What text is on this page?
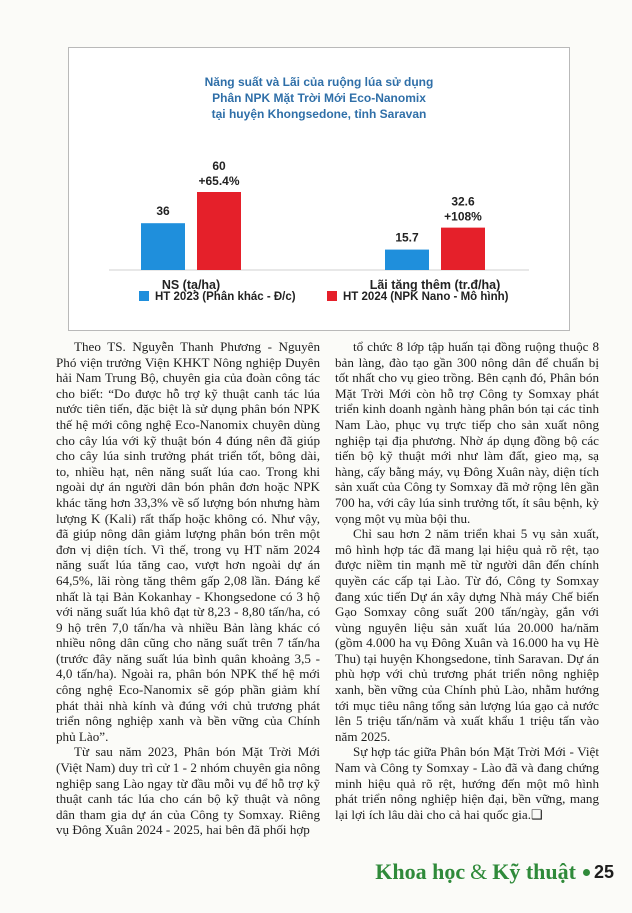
36
60
+65.4%
NS (tạ/ha)
15.7
32.6
+108%
Lãi tăng thêm (tr.đ/ha)
HT 2023 (Phân khác - Đ/c)	HT 2024 (NPK Nano - Mô hình)
Năng suất và Lãi của ruộng lúa sử dụng
Phân NPK Mặt Trời Mới Eco-Nanomix
tại huyện Khongsedone, tỉnh Saravan

Theo TS. Nguyễn Thanh Phương - Nguyên Phó viện trưởng Viện KHKT Nông nghiệp Duyên hải Nam Trung Bộ, chuyên gia của đoàn công tác cho biết: “Do được hỗ trợ kỹ thuật canh tác lúa nước tiên tiến, đặc biệt là sử dụng phân bón NPK thế hệ mới công nghệ Eco-Nanomix chuyên dùng cho cây lúa với kỹ thuật bón 4 đúng nên đã giúp cho cây lúa sinh trưởng phát triển tốt, bông dài, to, nhiều hạt, nên năng suất lúa cao. Trong khi ngoài dự án người dân bón phân đơn hoặc NPK khác tăng hơn 33,3% về số lượng bón nhưng hàm lượng K (Kali) rất thấp hoặc không có. Như vậy, đã giúp nông dân giảm lượng phân bón trên một đơn vị diện tích. Vì thế, trong vụ HT năm 2024 năng suất lúa tăng cao, vượt hơn ngoài dự án 64,5%, lãi ròng tăng thêm gấp 2,08 lần. Đáng kể nhất là tại Bản Kokanhay - Khongsedone có 3 hộ với năng suất lúa khô đạt từ 8,23 - 8,80 tấn/ha, có 9 hộ trên 7,0 tấn/ha và nhiều Bản làng khác có nhiều nông dân cũng cho năng suất trên 7 tấn/ha (trước đây năng suất lúa bình quân khoảng 3,5 - 4,0 tấn/ha). Ngoài ra, phân bón NPK thế hệ mới công nghệ Eco-Nanomix sẽ góp phần giảm khí phát thải nhà kính và đúng với chủ trương phát triển nông nghiệp xanh và bền vững của Chính phủ Lào”.

Từ sau năm 2023, Phân bón Mặt Trời Mới (Việt Nam) duy trì cử 1 - 2 nhóm chuyên gia nông nghiệp sang Lào ngay từ đầu mỗi vụ để hỗ trợ kỹ thuật canh tác lúa cho cán bộ kỹ thuật và nông dân tham gia dự án của Công ty Somxay. Riêng vụ Đông Xuân 2024 - 2025, hai bên đã phối hợp

tổ chức 8 lớp tập huấn tại đồng ruộng thuộc 8 bản làng, đào tạo gần 300 nông dân để chuẩn bị tốt nhất cho vụ gieo trồng. Bên cạnh đó, Phân bón Mặt Trời Mới còn hỗ trợ Công ty Somxay phát triển kinh doanh ngành hàng phân bón tại các tỉnh Nam Lào, phục vụ trực tiếp cho sản xuất nông nghiệp tại địa phương. Nhờ áp dụng đồng bộ các tiến bộ kỹ thuật mới như làm đất, gieo mạ, sạ hàng, cấy bằng máy, vụ Đông Xuân này, diện tích sản xuất của Công ty Somxay đã mở rộng lên gần 700 ha, với cây lúa sinh trưởng tốt, ít sâu bệnh, kỳ vọng một vụ mùa bội thu.

Chỉ sau hơn 2 năm triển khai 5 vụ sản xuất, mô hình hợp tác đã mang lại hiệu quả rõ rệt, tạo được niềm tin mạnh mẽ từ người dân đến chính quyền các cấp tại Lào. Từ đó, Công ty Somxay đang xúc tiến Dự án xây dựng Nhà máy Chế biến Gạo Somxay công suất 200 tấn/ngày, gắn với vùng nguyên liệu sản xuất lúa 20.000 ha/năm (gồm 4.000 ha vụ Đông Xuân và 16.000 ha vụ Hè Thu) tại huyện Khongsedone, tỉnh Saravan. Dự án phù hợp với chủ trương phát triển nông nghiệp xanh, bền vững của Chính phủ Lào, nhằm hướng tới mục tiêu nâng tổng sản lượng lúa gạo cả nước lên 5 triệu tấn/năm và xuất khẩu 1 triệu tấn vào năm 2025.

Sự hợp tác giữa Phân bón Mặt Trời Mới - Việt Nam và Công ty Somxay - Lào đã và đang chứng minh hiệu quả rõ rệt, hướng đến một mô hình phát triển nông nghiệp hiện đại, bền vững, mang lại lợi ích lâu dài cho cả hai quốc gia.❑

Khoa học & Kỹ thuật 25
